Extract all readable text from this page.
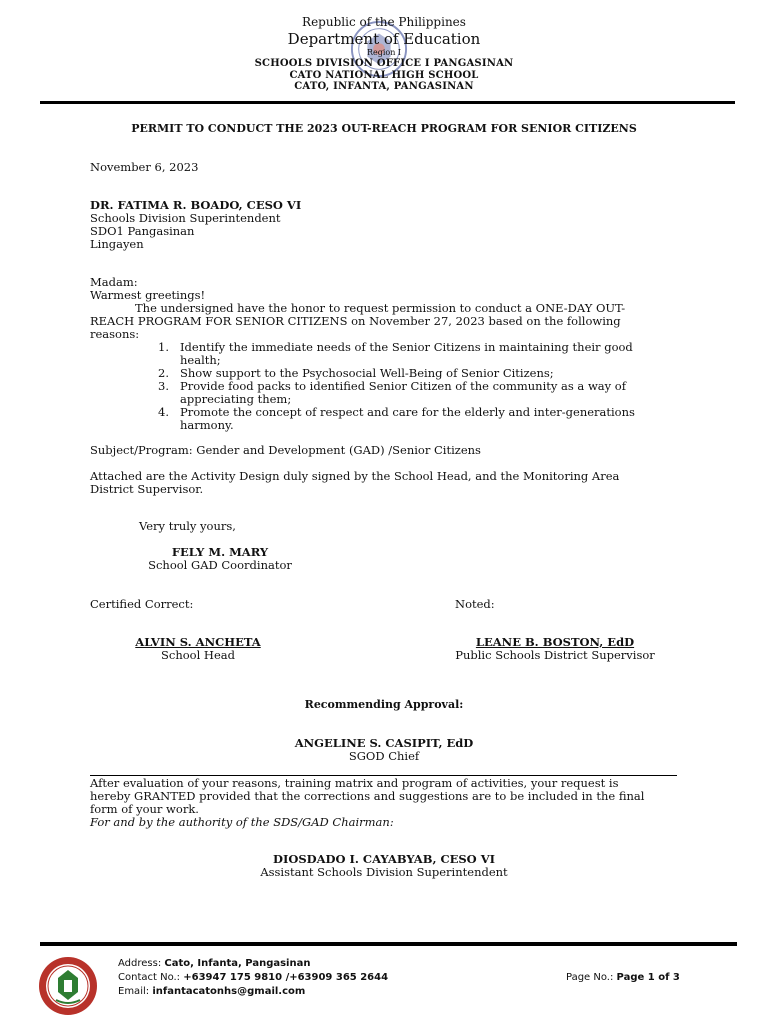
Republic of the Philippines
Department of Education
Region I
SCHOOLS DIVISION OFFICE I PANGASINAN
CATO NATIONAL HIGH SCHOOL
CATO, INFANTA, PANGASINAN
PERMIT TO CONDUCT THE 2023 OUT-REACH PROGRAM FOR SENIOR CITIZENS
November 6, 2023
DR. FATIMA R. BOADO, CESO VI
Schools Division Superintendent
SDO1 Pangasinan
Lingayen
Madam:
Warmest greetings!
The undersigned have the honor to request permission to conduct a ONE-DAY OUT-
REACH PROGRAM FOR SENIOR CITIZENS on November 27, 2023 based on the following
reasons:
1. Identify the immediate needs of the Senior Citizens in maintaining their good
health;
2. Show support to the Psychosocial Well-Being of Senior Citizens;
3. Provide food packs to identified Senior Citizen of the community as a way of
appreciating them;
4. Promote the concept of respect and care for the elderly and inter-generations
harmony.
Subject/Program: Gender and Development (GAD) /Senior Citizens
Attached are the Activity Design duly signed by the School Head, and the Monitoring Area
District Supervisor.
Very truly yours,
FELY M. MARY
School GAD Coordinator
Certified Correct:	Noted:
ALVIN S. ANCHETA
School Head
LEANE B. BOSTON, EdD
Public Schools District Supervisor
Recommending Approval:
ANGELINE S. CASIPIT, EdD
SGOD Chief
After evaluation of your reasons, training matrix and program of activities, your request is
hereby GRANTED provided that the corrections and suggestions are to be included in the final
form of your work.
For and by the authority of the SDS/GAD Chairman:
DIOSDADO I. CAYABYAB, CESO VI
Assistant Schools Division Superintendent
Address: Cato, Infanta, Pangasinan
Contact No.: +63947 175 9810 /+63909 365 2644
Email: infantacatonhs@gmail.com
Page No.: Page 1 of 3
